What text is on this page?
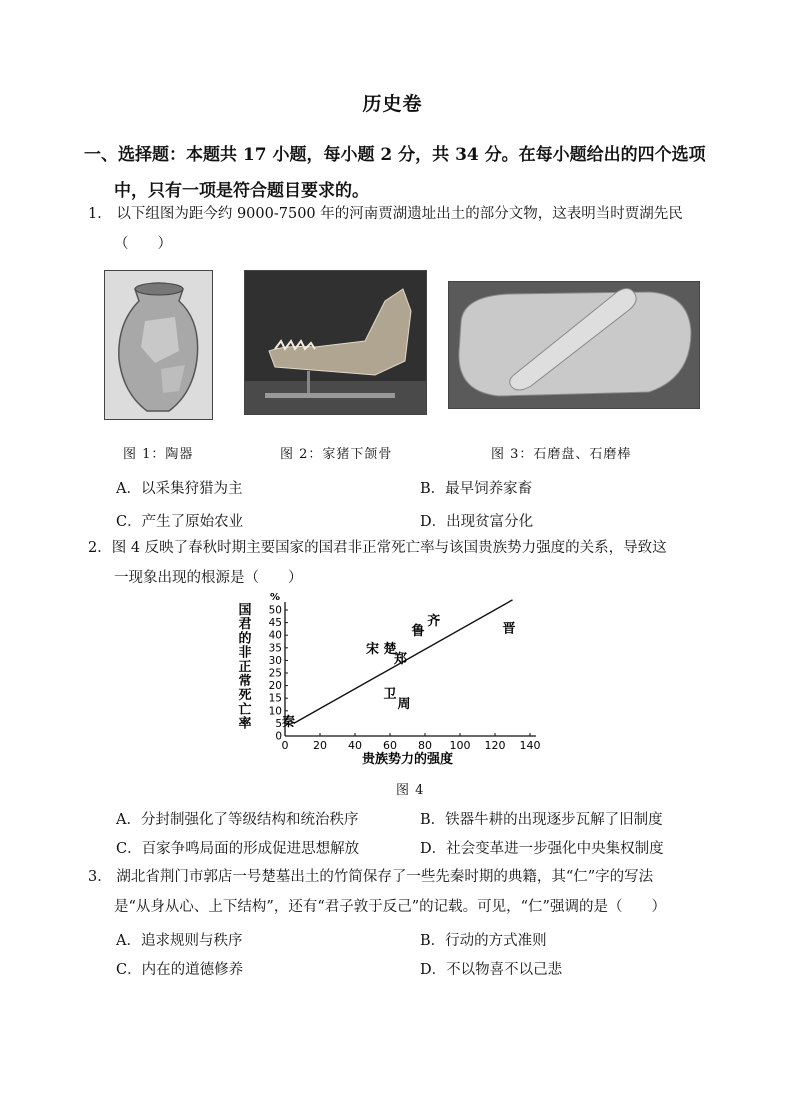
历史卷
一、选择题：本题共 17 小题，每小题 2 分，共 34 分。在每小题给出的四个选项
中，只有一项是符合题目要求的。
1． 以下组图为距今约 9000-7500 年的河南贾湖遗址出土的部分文物，这表明当时贾湖先民
（　　）
图 1：陶器	图 2：家猪下颌骨	图 3：石磨盘、石磨棒
A．以采集狩猎为主	B．最早饲养家畜
C．产生了原始农业	D．出现贫富分化
2．图 4 反映了春秋时期主要国家的国君非正常死亡率与该国贵族势力强度的关系，导致这
一现象出现的根源是（　　）
0
5
10
15
20
25
30
35
40
45
50
0 20 40 60 80 100 120 140
%
国
君
的
非
正
常
死
亡
率
贵族势力的强度
秦
卫
周
宋 楚
郑
鲁
齐
晋
图 4
A．分封制强化了等级结构和统治秩序	B．铁器牛耕的出现逐步瓦解了旧制度
C．百家争鸣局面的形成促进思想解放	D．社会变革进一步强化中央集权制度
3． 湖北省荆门市郭店一号楚墓出土的竹简保存了一些先秦时期的典籍，其“仁”字的写法
是“从身从心、上下结构”，还有“君子敦于反己”的记载。可见，“仁”强调的是（　　）
A．追求规则与秩序	B．行动的方式准则
C．内在的道德修养	D．不以物喜不以己悲
